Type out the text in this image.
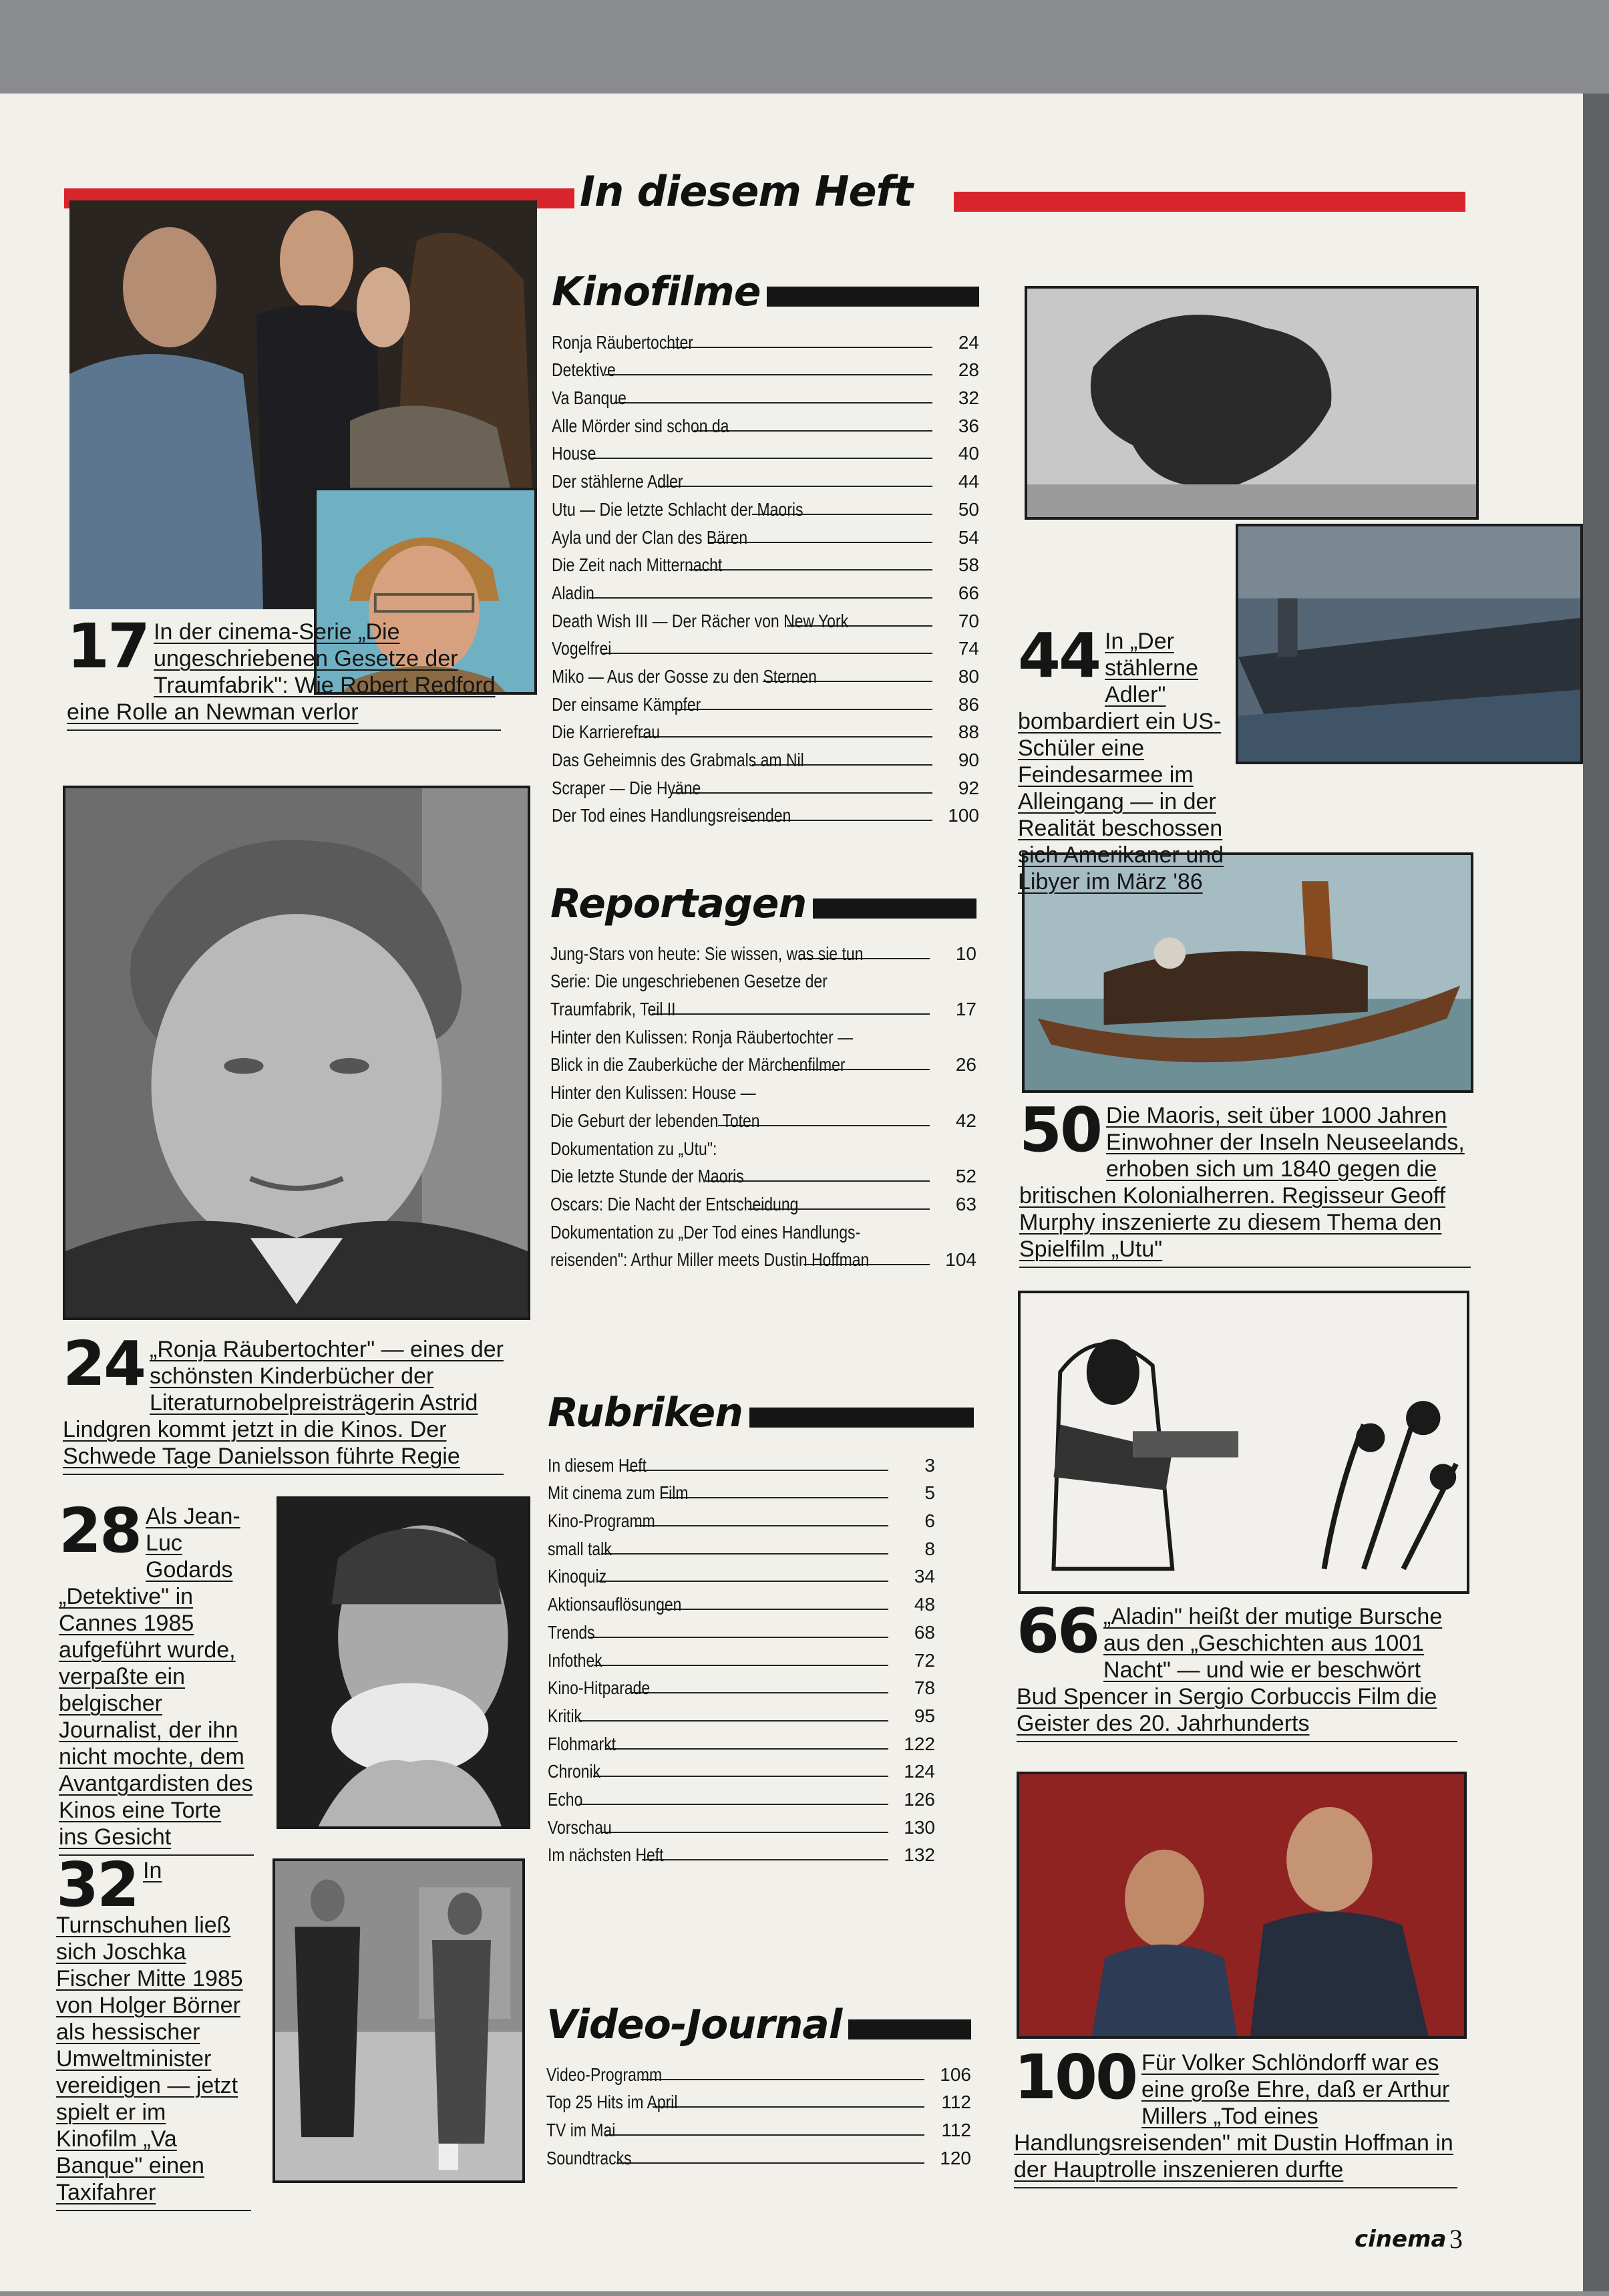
In diesem Heft
Kinofilme
Ronja Räubertochter	24
Detektive	28
Va Banque	32
Alle Mörder sind schon da	36
House	40
Der stählerne Adler	44
Utu — Die letzte Schlacht der Maoris	50
Ayla und der Clan des Bären	54
Die Zeit nach Mitternacht	58
Aladin	66
Death Wish III — Der Rächer von New York	70
Vogelfrei	74
Miko — Aus der Gosse zu den Sternen	80
Der einsame Kämpfer	86
Die Karrierefrau	88
Das Geheimnis des Grabmals am Nil	90
Scraper — Die Hyäne	92
Der Tod eines Handlungsreisenden	100
Reportagen
Jung-Stars von heute: Sie wissen, was sie tun	10
Serie: Die ungeschriebenen Gesetze der
Traumfabrik, Teil II	17
Hinter den Kulissen: Ronja Räubertochter —
Blick in die Zauberküche der Märchenfilmer	26
Hinter den Kulissen: House —
Die Geburt der lebenden Toten	42
Dokumentation zu „Utu":
Die letzte Stunde der Maoris	52
Oscars: Die Nacht der Entscheidung	63
Dokumentation zu „Der Tod eines Handlungs-
reisenden": Arthur Miller meets Dustin Hoffman	104
Rubriken
In diesem Heft	3
Mit cinema zum Film	5
Kino-Programm	6
small talk	8
Kinoquiz	34
Aktionsauflösungen	48
Trends	68
Infothek	72
Kino-Hitparade	78
Kritik	95
Flohmarkt	122
Chronik	124
Echo	126
Vorschau	130
Im nächsten Heft	132
Video-Journal
Video-Programm	106
Top 25 Hits im April	112
TV im Mai	112
Soundtracks	120
17 In der cinema-Serie „Die ungeschriebenen Gesetze der Traumfabrik": Wie Robert Redford eine Rolle an Newman verlor
24 „Ronja Räubertochter" — eines der schönsten Kinderbücher der Literaturnobelpreisträgerin Astrid Lindgren kommt jetzt in die Kinos. Der Schwede Tage Danielsson führte Regie
28 Als Jean-Luc Godards „Detektive" in Cannes 1985 aufgeführt wurde, verpaßte ein belgischer Journalist, der ihn nicht mochte, dem Avantgardisten des Kinos eine Torte ins Gesicht
32 In Turnschuhen ließ sich Joschka Fischer Mitte 1985 von Holger Börner als hessischer Umweltminister vereidigen — jetzt spielt er im Kinofilm „Va Banque" einen Taxifahrer
44 In „Der stählerne Adler" bombardiert ein US-Schüler eine Feindesarmee im Alleingang — in der Realität beschossen sich Amerikaner und Libyer im März '86
50 Die Maoris, seit über 1000 Jahren Einwohner der Inseln Neuseelands, erhoben sich um 1840 gegen die britischen Kolonialherren. Regisseur Geoff Murphy inszenierte zu diesem Thema den Spielfilm „Utu"
66 „Aladin" heißt der mutige Bursche aus den „Geschichten aus 1001 Nacht" — und wie er beschwört Bud Spencer in Sergio Corbuccis Film die Geister des 20. Jahrhunderts
100 Für Volker Schlöndorff war es eine große Ehre, daß er Arthur Millers „Tod eines Handlungsreisenden" mit Dustin Hoffman in der Hauptrolle inszenieren durfte
cinema 3
